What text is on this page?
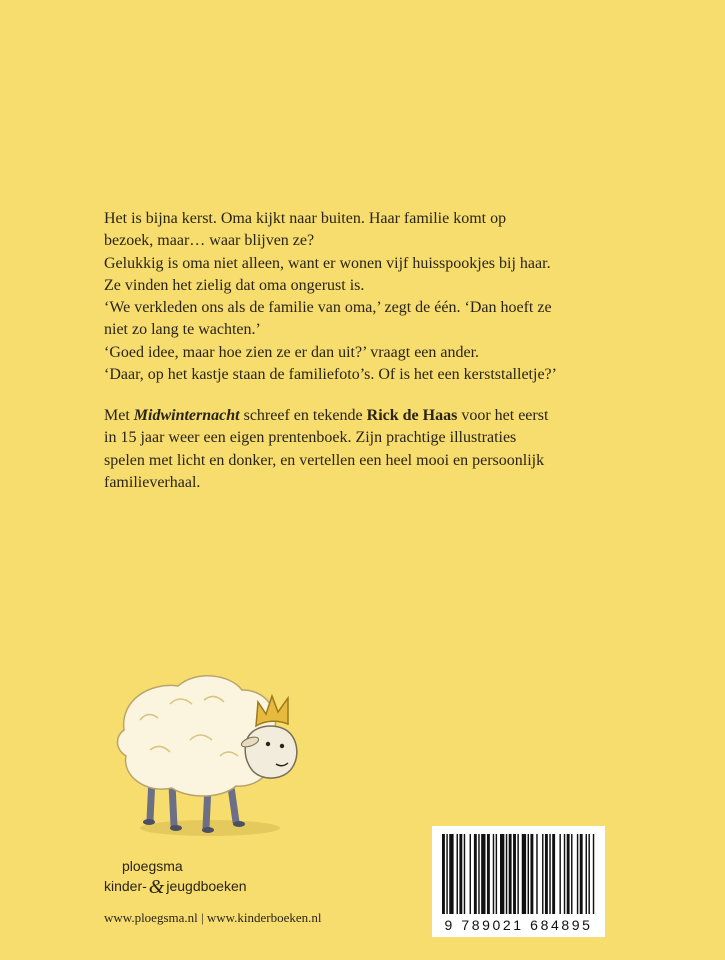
Het is bijna kerst. Oma kijkt naar buiten. Haar familie komt op

bezoek, maar… waar blijven ze?

Gelukkig is oma niet alleen, want er wonen vijf huisspookjes bij haar.

Ze vinden het zielig dat oma ongerust is.

‘We verkleden ons als de familie van oma,’ zegt de één. ‘Dan hoeft ze

niet zo lang te wachten.’

‘Goed idee, maar hoe zien ze er dan uit?’ vraagt een ander.

‘Daar, op het kastje staan de familiefoto’s. Of is het een kerststalletje?’

Met Midwinternacht schreef en tekende Rick de Haas voor het eerst

in 15 jaar weer een eigen prentenboek. Zijn prachtige illustraties

spelen met licht en donker, en vertellen een heel mooi en persoonlijk

familieverhaal.

ploegsma
kinder- & jeugdboeken
www.ploegsma.nl | www.kinderboeken.nl	9 789021 684895
